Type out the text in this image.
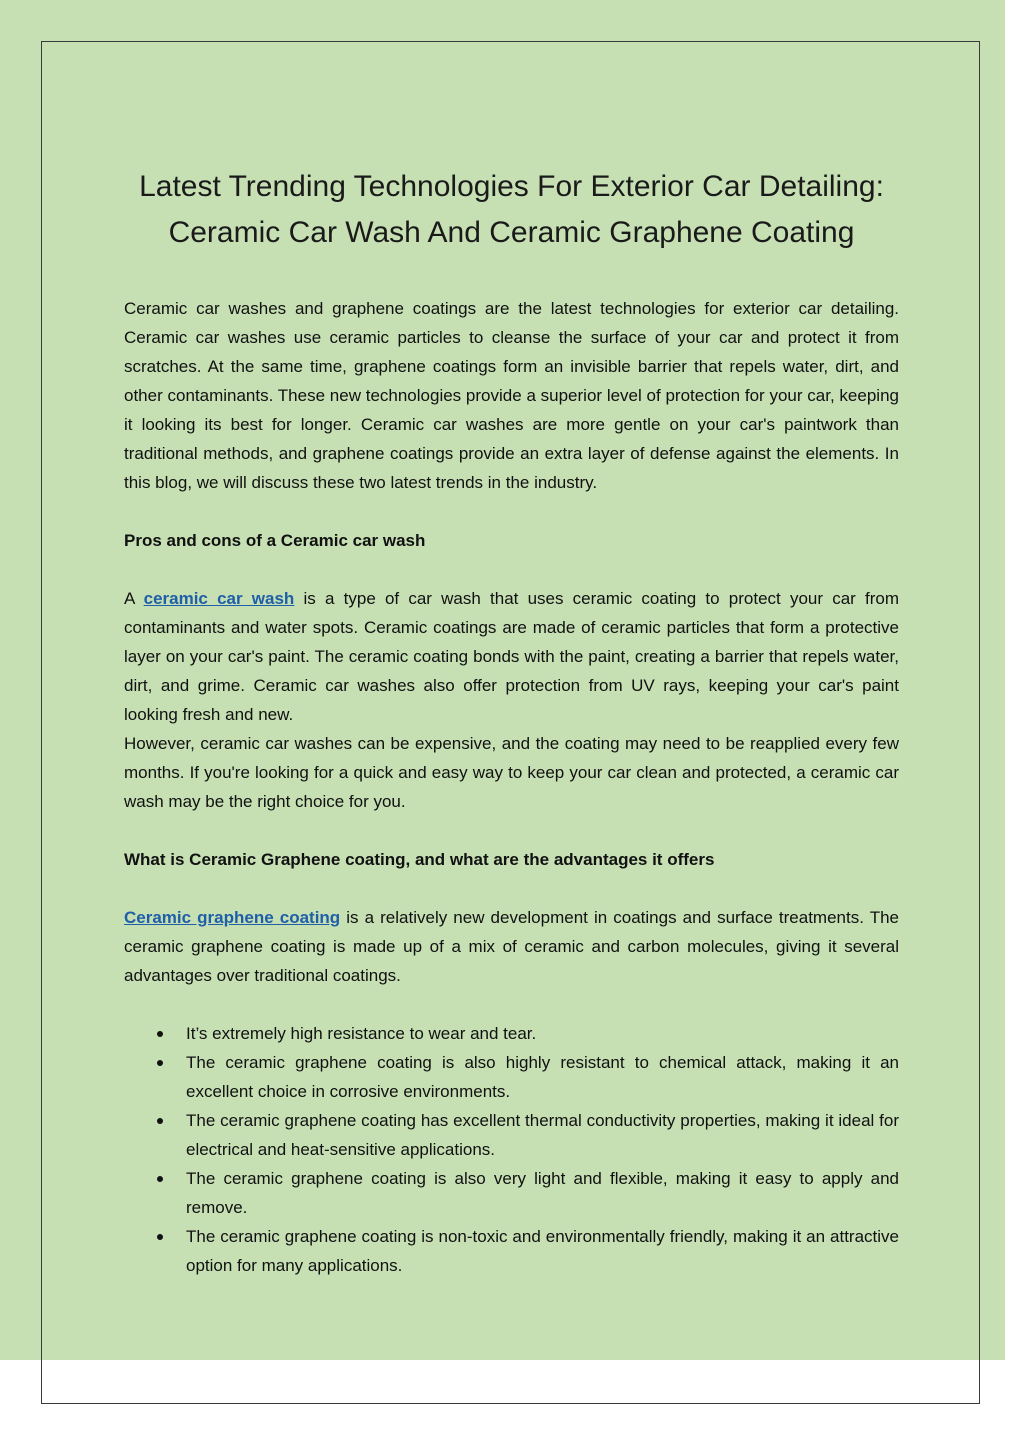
Latest Trending Technologies For Exterior Car Detailing:
Ceramic Car Wash And Ceramic Graphene Coating

Ceramic car washes and graphene coatings are the latest technologies for exterior car detailing. Ceramic car washes use ceramic particles to cleanse the surface of your car and protect it from scratches. At the same time, graphene coatings form an invisible barrier that repels water, dirt, and other contaminants. These new technologies provide a superior level of protection for your car, keeping it looking its best for longer. Ceramic car washes are more gentle on your car's paintwork than traditional methods, and graphene coatings provide an extra layer of defense against the elements. In this blog, we will discuss these two latest trends in the industry.

Pros and cons of a Ceramic car wash

A ceramic car wash is a type of car wash that uses ceramic coating to protect your car from contaminants and water spots. Ceramic coatings are made of ceramic particles that form a protective layer on your car's paint. The ceramic coating bonds with the paint, creating a barrier that repels water, dirt, and grime. Ceramic car washes also offer protection from UV rays, keeping your car's paint looking fresh and new.

However, ceramic car washes can be expensive, and the coating may need to be reapplied every few months. If you're looking for a quick and easy way to keep your car clean and protected, a ceramic car wash may be the right choice for you.

What is Ceramic Graphene coating, and what are the advantages it offers

Ceramic graphene coating is a relatively new development in coatings and surface treatments. The ceramic graphene coating is made up of a mix of ceramic and carbon molecules, giving it several advantages over traditional coatings.

It’s extremely high resistance to wear and tear.
The ceramic graphene coating is also highly resistant to chemical attack, making it an excellent choice in corrosive environments.
The ceramic graphene coating has excellent thermal conductivity properties, making it ideal for electrical and heat-sensitive applications.
The ceramic graphene coating is also very light and flexible, making it easy to apply and remove.
The ceramic graphene coating is non-toxic and environmentally friendly, making it an attractive option for many applications.
